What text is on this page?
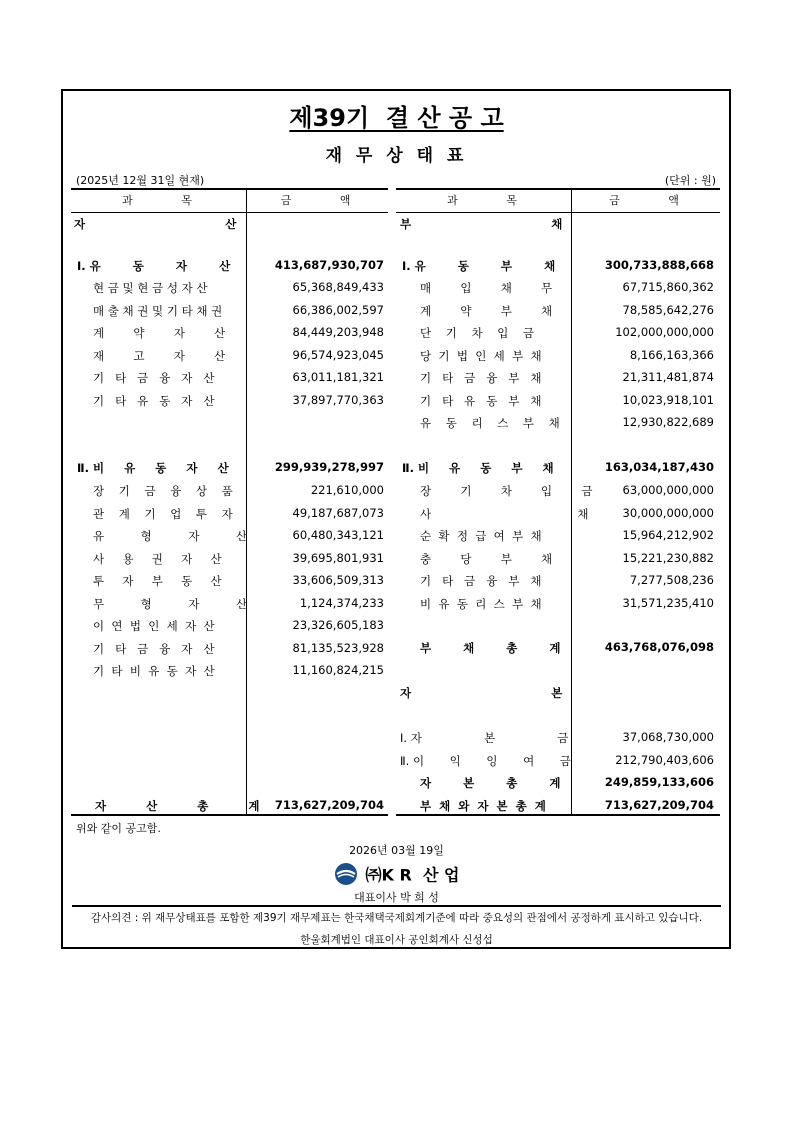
제39기  결 산 공 고
재 무 상 태 표
(2025년 12월 31일 현재)	(단위 : 원)
과       목	금       액
자                                   산
Ⅰ. 유        동        자        산	413,687,930,707
현 금 및 현 금 성 자 산	65,368,849,433
매 출 채 권 및 기 타 채 권	66,386,002,597
계        약        자        산	84,449,203,948
재        고        자        산	96,574,923,045
기   타   금   융   자   산	63,011,181,321
기   타   유   동   자   산	37,897,770,363
Ⅱ. 비     유     동     자     산	299,939,278,997
장    기    금    융    상    품	221,610,000
관    계    기    업    투    자	49,187,687,073
유          형          자          산	60,480,343,121
사     용     권     자     산	39,695,801,931
투     자     부     동     산	33,606,509,313
무          형          자          산	1,124,374,233
이  연  법  인  세  자  산	23,326,605,183
기   타   금   융   자   산	81,135,523,928
기  타  비  유  동  자  산	11,160,824,215
자          산          총          계 713,627,209,704
과       목	금       액
부                                   채
Ⅰ. 유        동        부        채	300,733,888,668
매        입        채        무	67,715,860,362
계        약        부        채	78,585,642,276
단    기    차    입    금	102,000,000,000
당  기  법  인  세  부  채	8,166,163,366
기   타   금   융   부   채	21,311,481,874
기   타   유   동   부   채	10,023,918,101
유    동    리    스    부    채	12,930,822,689
Ⅱ. 비     유     동     부     채	163,034,187,430
장        기        차        입        금	63,000,000,000
사                                        채	30,000,000,000
순  확  정  급  여  부  채	15,964,212,902
충        당        부        채	15,221,230,882
기   타   금   융   부   채	7,277,508,236
비  유  동  리  스  부  채	31,571,235,410
부        채        총        계	463,768,076,098
자                                   본
Ⅰ. 자                 본                 금	37,068,730,000
Ⅱ. 이       익       잉       여       금	212,790,403,606
자        본        총        계	249,859,133,606
부  채  와  자  본  총  계	713,627,209,704
위와 같이 공고함.
2026년 03월 19일
㈜K R  산 업
대표이사 박 희 성
감사의견 : 위 재무상태표를 포함한 제39기 재무제표는 한국채택국제회계기준에 따라 중요성의 관점에서 공정하게 표시하고 있습니다.
한울회계법인 대표이사 공인회계사 신성섭
